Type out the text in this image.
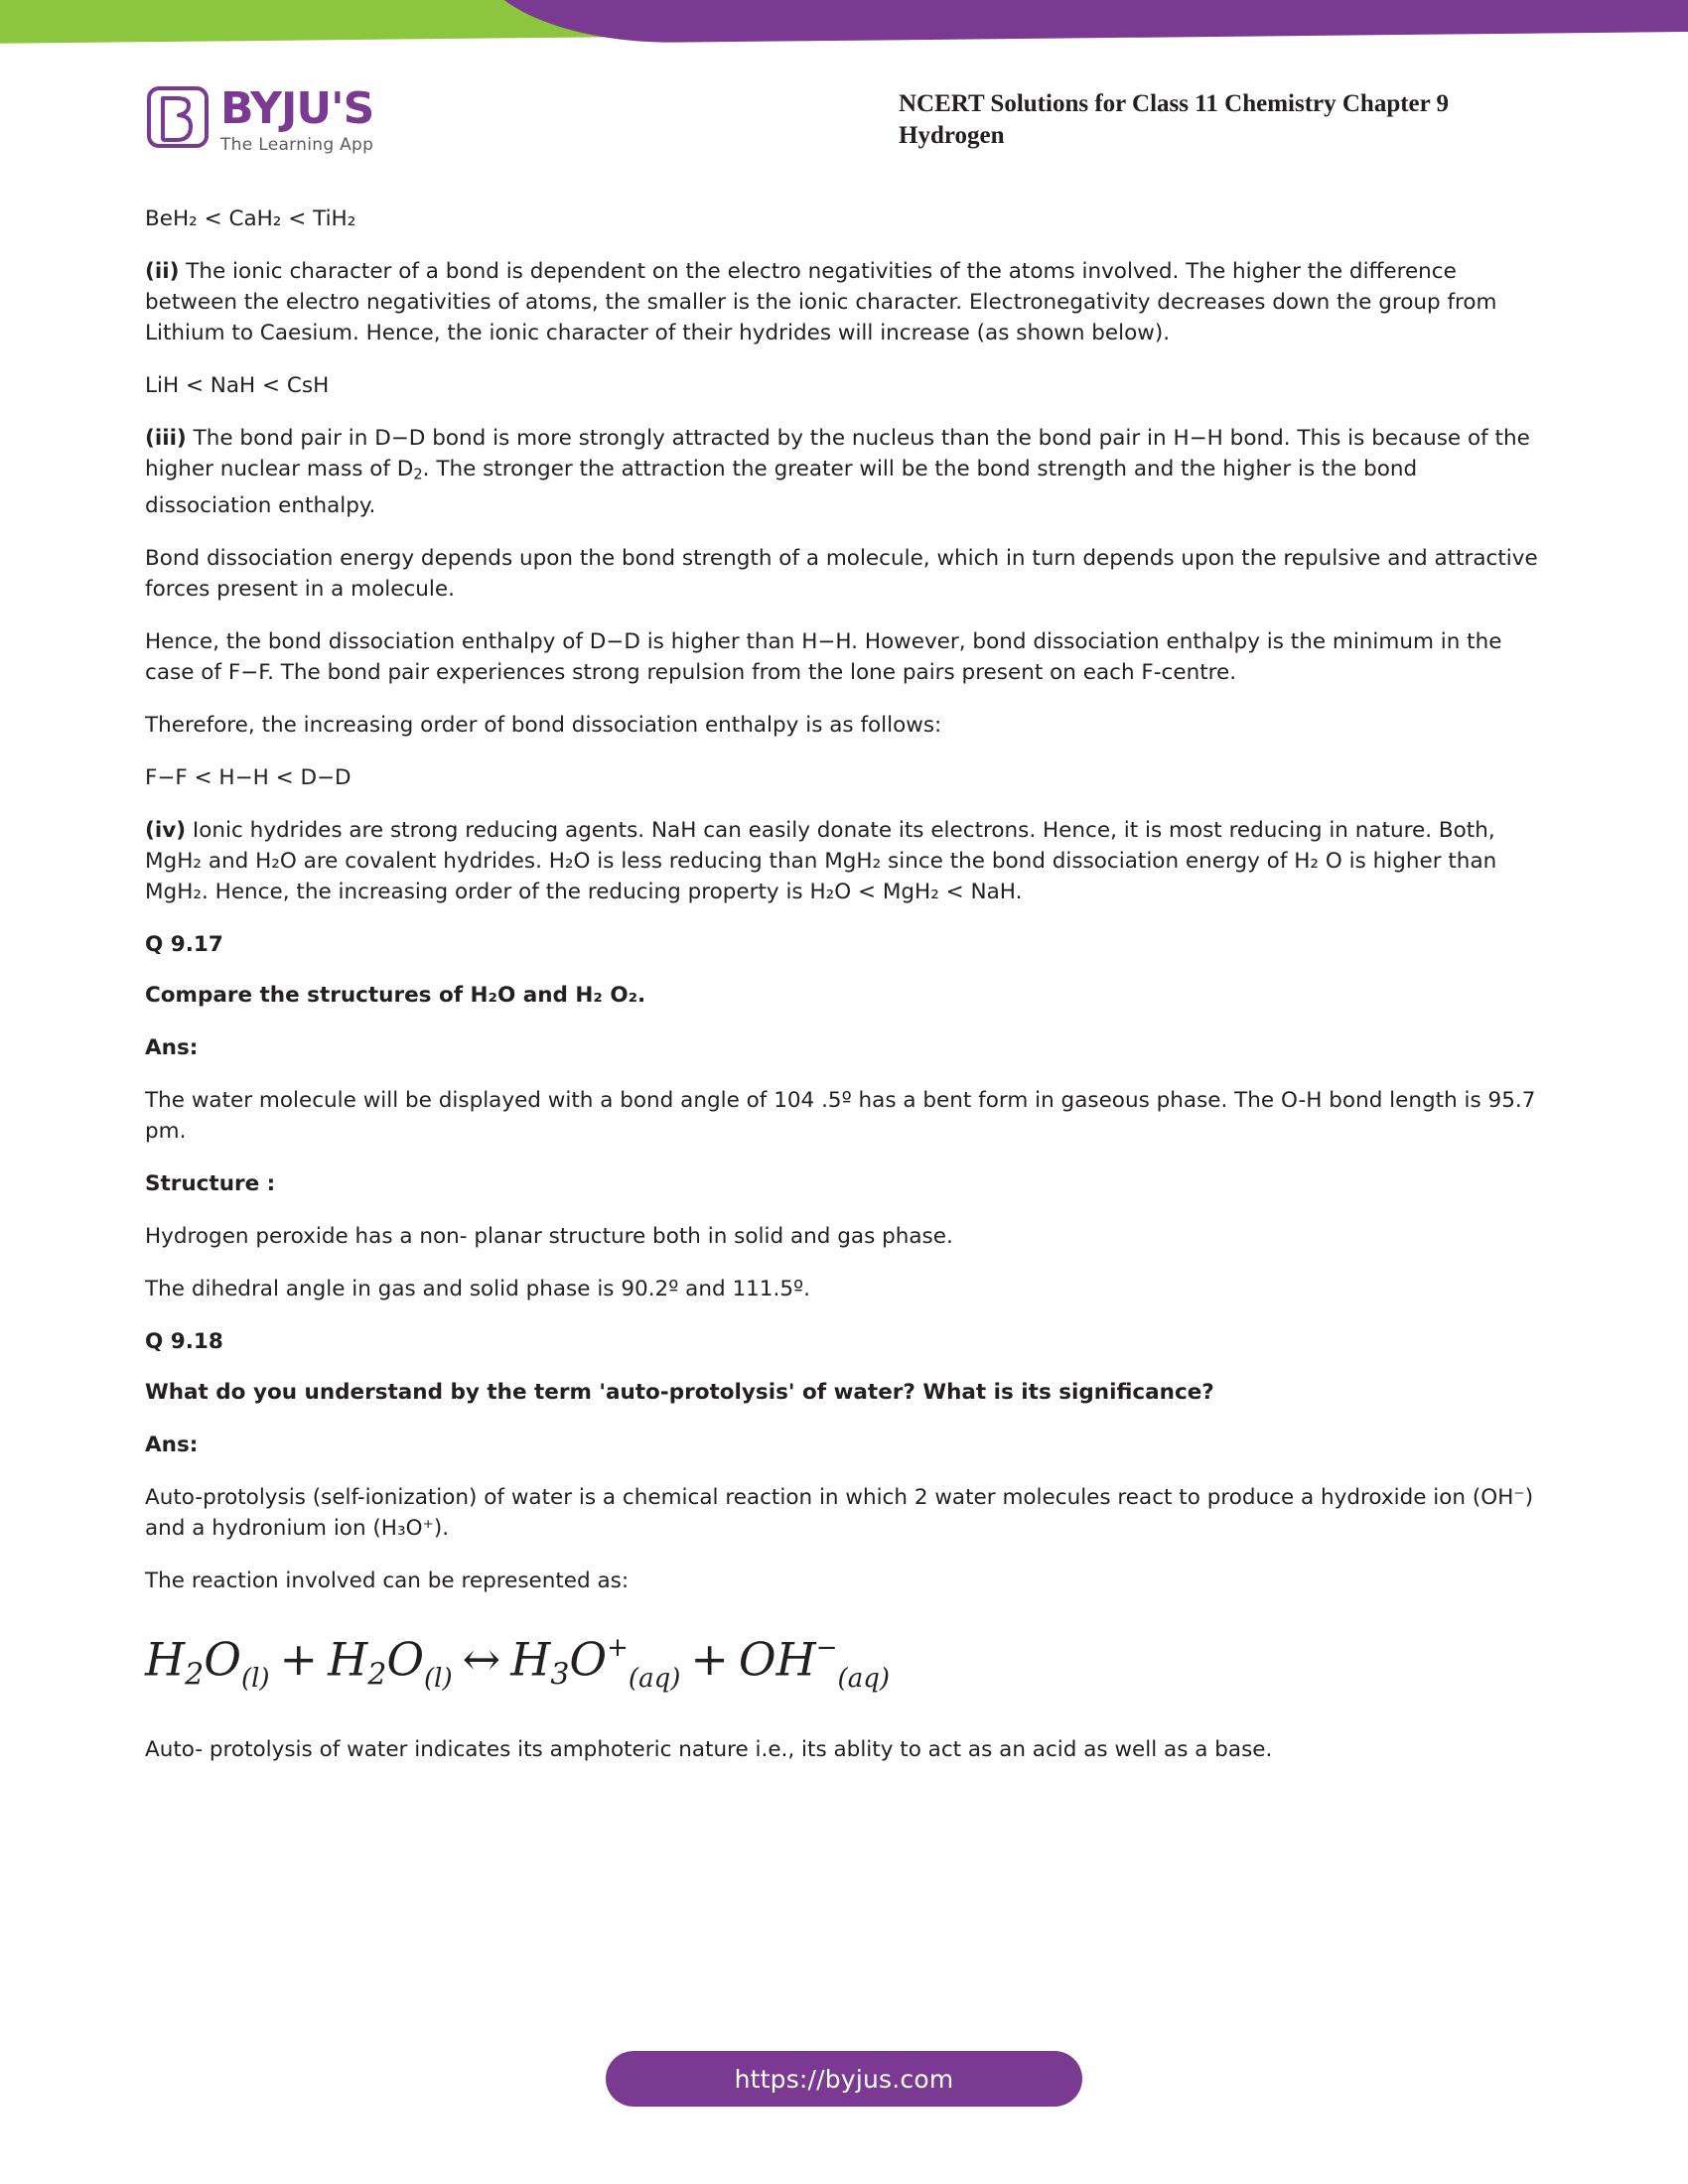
BYJU'S
The Learning App
NCERT Solutions for Class 11 Chemistry Chapter 9
Hydrogen

BeH₂ < CaH₂ < TiH₂

(ii) The ionic character of a bond is dependent on the electro negativities of the atoms involved. The higher the difference between the electro negativities of atoms, the smaller is the ionic character. Electronegativity decreases down the group from Lithium to Caesium. Hence, the ionic character of their hydrides will increase (as shown below).

LiH < NaH < CsH

(iii) The bond pair in D−D bond is more strongly attracted by the nucleus than the bond pair in H−H bond. This is because of the higher nuclear mass of $D_2$. The stronger the attraction the greater will be the bond strength and the higher is the bond dissociation enthalpy.

Bond dissociation energy depends upon the bond strength of a molecule, which in turn depends upon the repulsive and attractive forces present in a molecule.

Hence, the bond dissociation enthalpy of D−D is higher than H−H. However, bond dissociation enthalpy is the minimum in the case of F−F. The bond pair experiences strong repulsion from the lone pairs present on each F-centre.

Therefore, the increasing order of bond dissociation enthalpy is as follows:

F−F < H−H < D−D

(iv) Ionic hydrides are strong reducing agents. NaH can easily donate its electrons. Hence, it is most reducing in nature. Both, MgH₂ and H₂O are covalent hydrides. H₂O is less reducing than MgH₂ since the bond dissociation energy of H₂ O is higher than MgH₂. Hence, the increasing order of the reducing property is H₂O < MgH₂ < NaH.

Q 9.17

Compare the structures of H₂O and H₂ O₂.

Ans:

The water molecule will be displayed with a bond angle of 104 .5º has a bent form in gaseous phase. The O-H bond length is 95.7 pm.

Structure :

Hydrogen peroxide has a non- planar structure both in solid and gas phase.

The dihedral angle in gas and solid phase is 90.2º and 111.5º.

Q 9.18

What do you understand by the term 'auto-protolysis' of water? What is its significance?

Ans:

Auto-protolysis (self-ionization) of water is a chemical reaction in which 2 water molecules react to produce a hydroxide ion (OH⁻) and a hydronium ion (H₃O⁺).

The reaction involved can be represented as:

$H2O_{(l)} + H2O_{(l)}$ ↔ $H3O^+_{(aq)} + OH^-_{(aq)}$

Auto- protolysis of water indicates its amphoteric nature i.e., its ablity to act as an acid as well as a base.

https://byjus.com
